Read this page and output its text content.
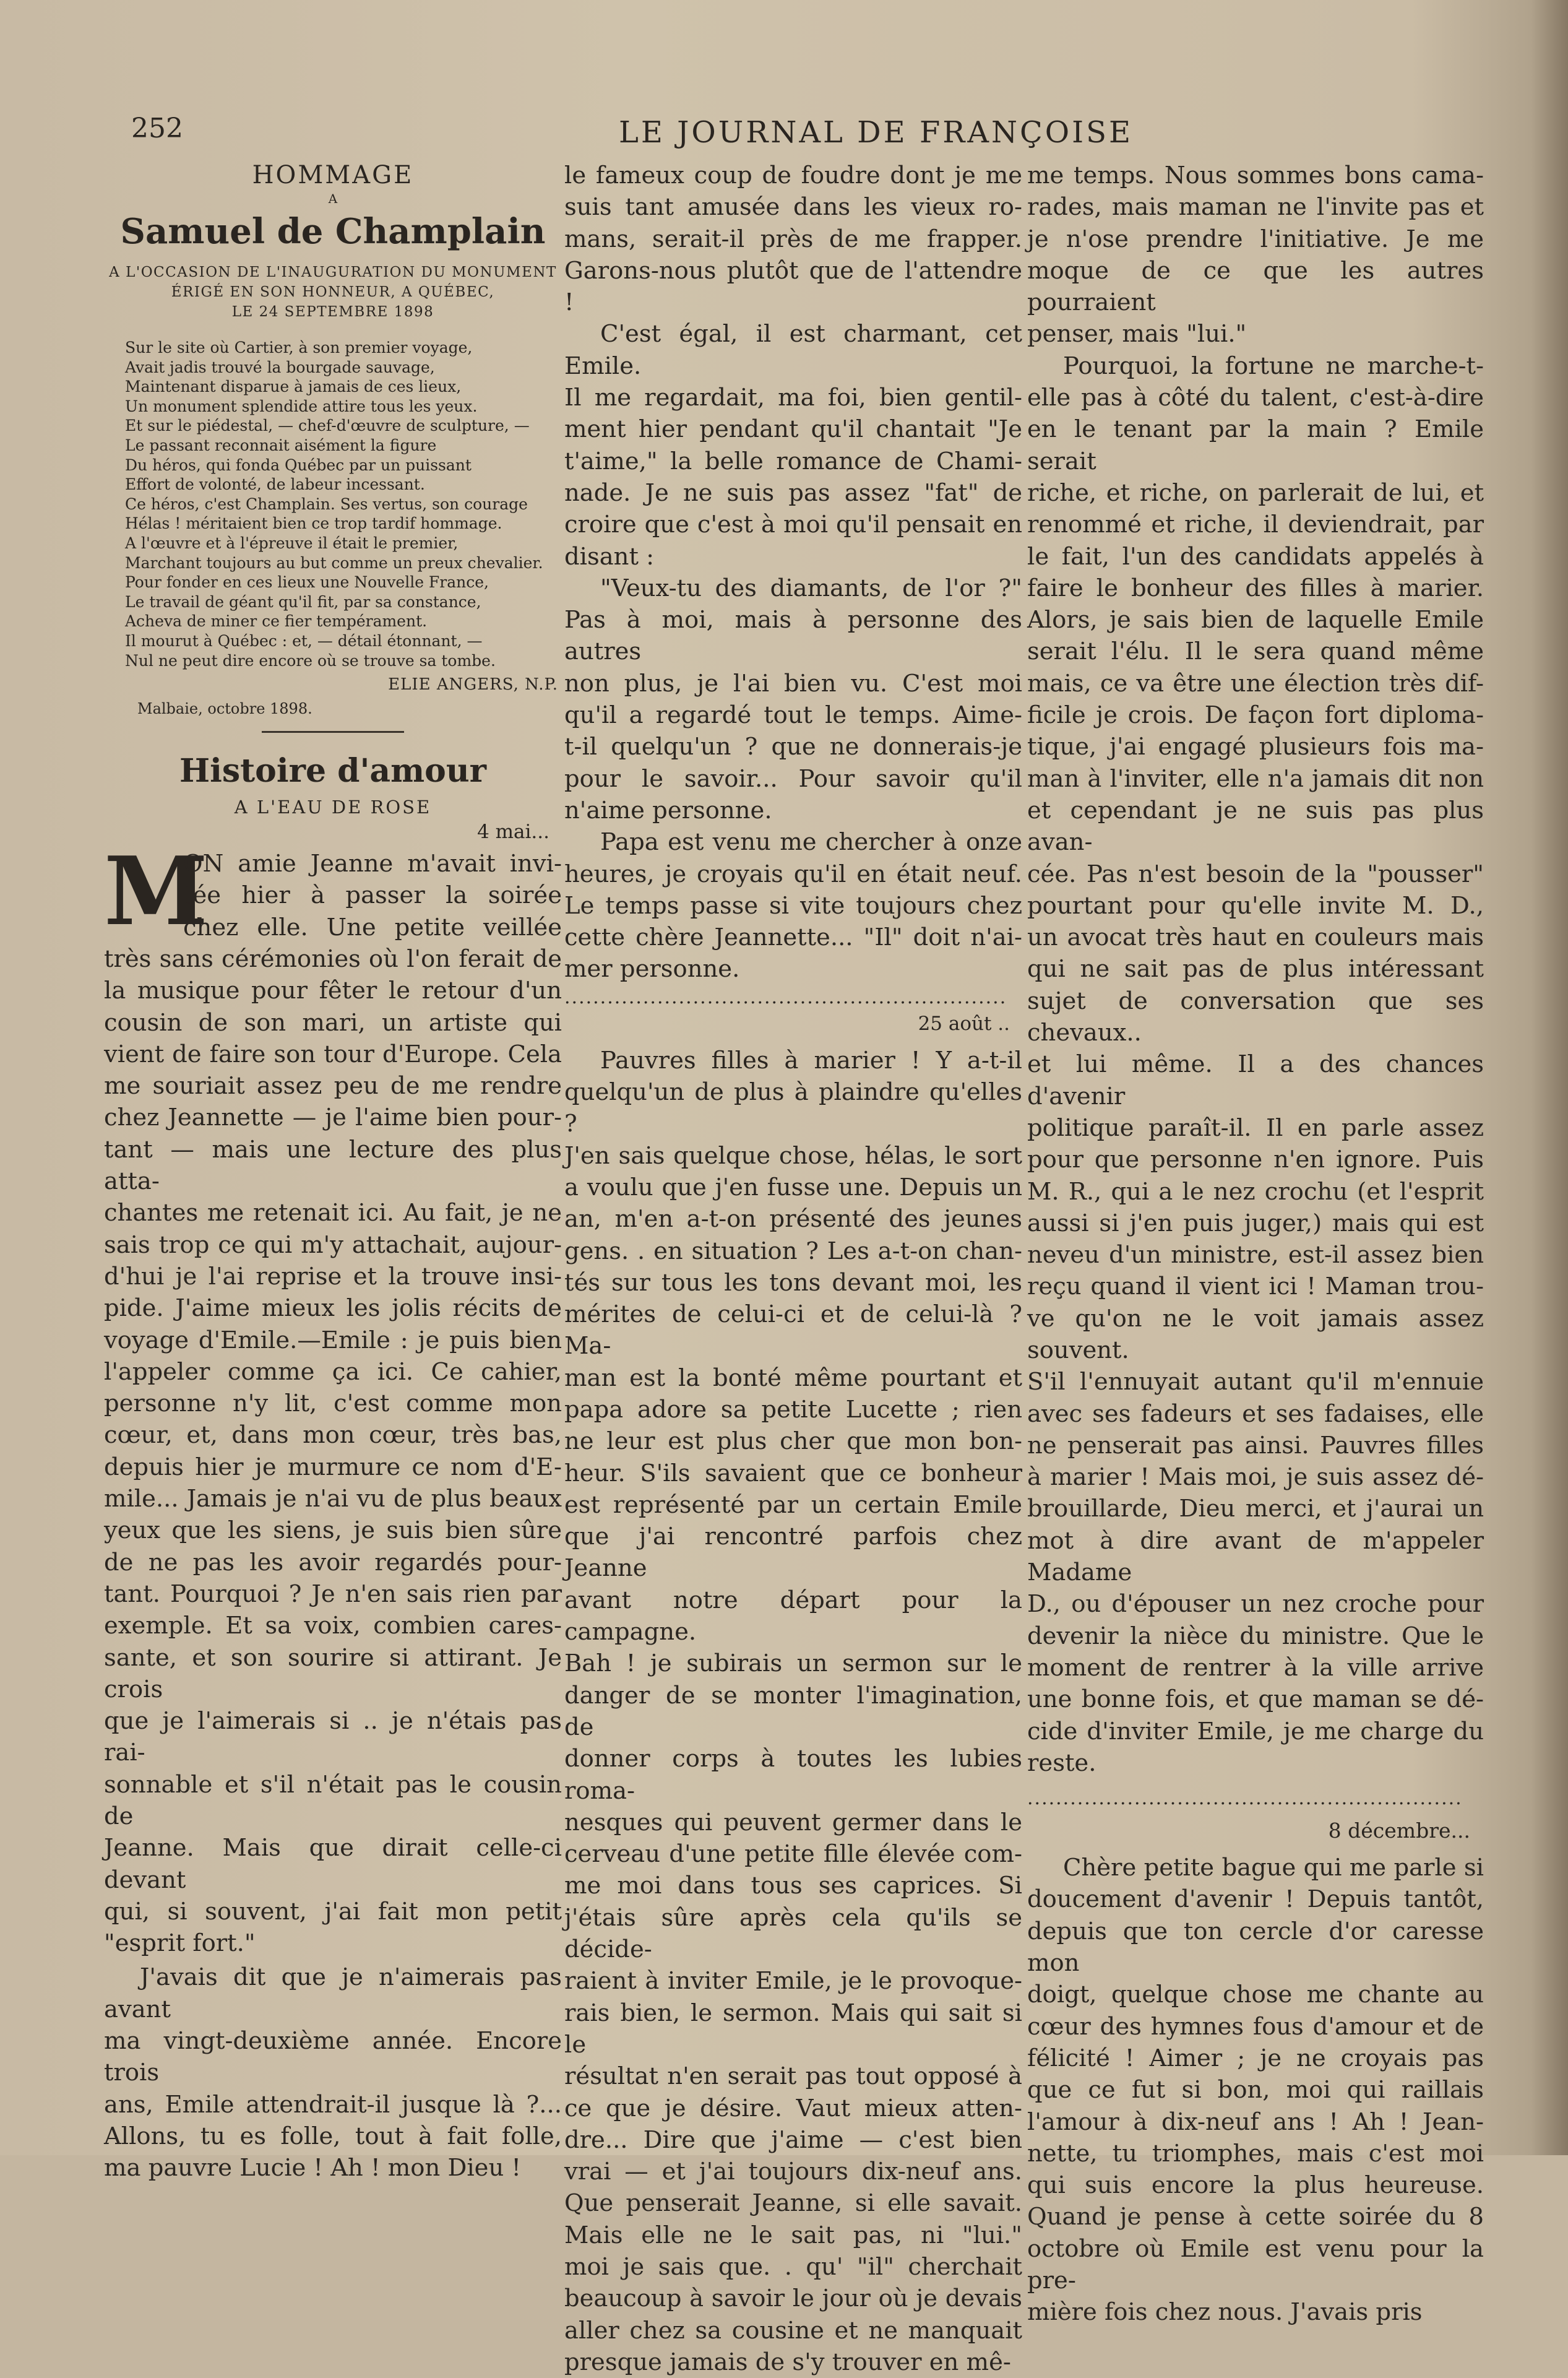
252	LE JOURNAL DE FRANÇOISE
HOMMAGE
A
Samuel de Champlain
A L'OCCASION DE L'INAUGURATION DU MONUMENT
ÉRIGÉ EN SON HONNEUR, A QUÉBEC,
LE 24 SEPTEMBRE 1898
Sur le site où Cartier, à son premier voyage,
Avait jadis trouvé la bourgade sauvage,
Maintenant disparue à jamais de ces lieux,
Un monument splendide attire tous les yeux.
Et sur le piédestal, — chef-d'œuvre de sculpture, —
Le passant reconnait aisément la figure
Du héros, qui fonda Québec par un puissant
Effort de volonté, de labeur incessant.
Ce héros, c'est Champlain. Ses vertus, son courage
Hélas ! méritaient bien ce trop tardif hommage.
A l'œuvre et à l'épreuve il était le premier,
Marchant toujours au but comme un preux chevalier.
Pour fonder en ces lieux une Nouvelle France,
Le travail de géant qu'il fit, par sa constance,
Acheva de miner ce fier tempérament.
Il mourut à Québec : et, — détail étonnant, —
Nul ne peut dire encore où se trouve sa tombe.
ELIE ANGERS, N.P.
Malbaie, octobre 1898.
Histoire d'amour
A L'EAU DE ROSE
4 mai...
M
ON amie Jeanne m'avait invi-
tée hier à passer la soirée
chez elle. Une petite veillée
très sans cérémonies où l'on ferait de
la musique pour fêter le retour d'un
cousin de son mari, un artiste qui
vient de faire son tour d'Europe. Cela
me souriait assez peu de me rendre
chez Jeannette — je l'aime bien pour-
tant — mais une lecture des plus atta-
chantes me retenait ici. Au fait, je ne
sais trop ce qui m'y attachait, aujour-
d'hui je l'ai reprise et la trouve insi-
pide. J'aime mieux les jolis récits de
voyage d'Emile.—Emile : je puis bien
l'appeler comme ça ici. Ce cahier,
personne n'y lit, c'est comme mon
cœur, et, dans mon cœur, très bas,
depuis hier je murmure ce nom d'E-
mile... Jamais je n'ai vu de plus beaux
yeux que les siens, je suis bien sûre
de ne pas les avoir regardés pour-
tant. Pourquoi ? Je n'en sais rien par
exemple. Et sa voix, combien cares-
sante, et son sourire si attirant. Je crois
que je l'aimerais si .. je n'étais pas rai-
sonnable et s'il n'était pas le cousin de
Jeanne. Mais que dirait celle-ci devant
qui, si souvent, j'ai fait mon petit
"esprit fort."
J'avais dit que je n'aimerais pas avant
ma vingt-deuxième année. Encore trois
ans, Emile attendrait-il jusque là ?...
Allons, tu es folle, tout à fait folle,
ma pauvre Lucie ! Ah ! mon Dieu !
le fameux coup de foudre dont je me
suis tant amusée dans les vieux ro-
mans, serait-il près de me frapper.
Garons-nous plutôt que de l'attendre !
C'est égal, il est charmant, cet Emile.
Il me regardait, ma foi, bien gentil-
ment hier pendant qu'il chantait "Je
t'aime," la belle romance de Chami-
nade. Je ne suis pas assez "fat" de
croire que c'est à moi qu'il pensait en
disant :
"Veux-tu des diamants, de l'or ?"
Pas à moi, mais à personne des autres
non plus, je l'ai bien vu. C'est moi
qu'il a regardé tout le temps. Aime-
t-il quelqu'un ? que ne donnerais-je
pour le savoir... Pour savoir qu'il
n'aime personne.
Papa est venu me chercher à onze
heures, je croyais qu'il en était neuf.
Le temps passe si vite toujours chez
cette chère Jeannette... "Il" doit n'ai-
mer personne.
..............................................................
25 août ..
Pauvres filles à marier ! Y a-t-il
quelqu'un de plus à plaindre qu'elles ?
J'en sais quelque chose, hélas, le sort
a voulu que j'en fusse une. Depuis un
an, m'en a-t-on présenté des jeunes
gens. . en situation ? Les a-t-on chan-
tés sur tous les tons devant moi, les
mérites de celui-ci et de celui-là ? Ma-
man est la bonté même pourtant et
papa adore sa petite Lucette ; rien
ne leur est plus cher que mon bon-
heur. S'ils savaient que ce bonheur
est représenté par un certain Emile
que j'ai rencontré parfois chez Jeanne
avant notre départ pour la campagne.
Bah ! je subirais un sermon sur le
danger de se monter l'imagination, de
donner corps à toutes les lubies roma-
nesques qui peuvent germer dans le
cerveau d'une petite fille élevée com-
me moi dans tous ses caprices. Si
j'étais sûre après cela qu'ils se décide-
raient à inviter Emile, je le provoque-
rais bien, le sermon. Mais qui sait si le
résultat n'en serait pas tout opposé à
ce que je désire. Vaut mieux atten-
dre... Dire que j'aime — c'est bien
vrai — et j'ai toujours dix-neuf ans.
Que penserait Jeanne, si elle savait.
Mais elle ne le sait pas, ni "lui."
moi je sais que. . qu' "il" cherchait
beaucoup à savoir le jour où je devais
aller chez sa cousine et ne manquait
presque jamais de s'y trouver en mê-
me temps. Nous sommes bons cama-
rades, mais maman ne l'invite pas et
je n'ose prendre l'initiative. Je me
moque de ce que les autres pourraient
penser, mais "lui."
Pourquoi, la fortune ne marche-t-
elle pas à côté du talent, c'est-à-dire
en le tenant par la main ? Emile serait
riche, et riche, on parlerait de lui, et
renommé et riche, il deviendrait, par
le fait, l'un des candidats appelés à
faire le bonheur des filles à marier.
Alors, je sais bien de laquelle Emile
serait l'élu. Il le sera quand même
mais, ce va être une élection très dif-
ficile je crois. De façon fort diploma-
tique, j'ai engagé plusieurs fois ma-
man à l'inviter, elle n'a jamais dit non
et cependant je ne suis pas plus avan-
cée. Pas n'est besoin de la "pousser"
pourtant pour qu'elle invite M. D.,
un avocat très haut en couleurs mais
qui ne sait pas de plus intéressant
sujet de conversation que ses chevaux..
et lui même. Il a des chances d'avenir
politique paraît-il. Il en parle assez
pour que personne n'en ignore. Puis
M. R., qui a le nez crochu (et l'esprit
aussi si j'en puis juger,) mais qui est
neveu d'un ministre, est-il assez bien
reçu quand il vient ici ! Maman trou-
ve qu'on ne le voit jamais assez souvent.
S'il l'ennuyait autant qu'il m'ennuie
avec ses fadeurs et ses fadaises, elle
ne penserait pas ainsi. Pauvres filles
à marier ! Mais moi, je suis assez dé-
brouillarde, Dieu merci, et j'aurai un
mot à dire avant de m'appeler Madame
D., ou d'épouser un nez croche pour
devenir la nièce du ministre. Que le
moment de rentrer à la ville arrive
une bonne fois, et que maman se dé-
cide d'inviter Emile, je me charge du
reste.
.............................................................
8 décembre...
Chère petite bague qui me parle si
doucement d'avenir ! Depuis tantôt,
depuis que ton cercle d'or caresse mon
doigt, quelque chose me chante au
cœur des hymnes fous d'amour et de
félicité ! Aimer ; je ne croyais pas
que ce fut si bon, moi qui raillais
l'amour à dix-neuf ans ! Ah ! Jean-
nette, tu triomphes, mais c'est moi
qui suis encore la plus heureuse.
Quand je pense à cette soirée du 8
octobre où Emile est venu pour la pre-
mière fois chez nous. J'avais pris
